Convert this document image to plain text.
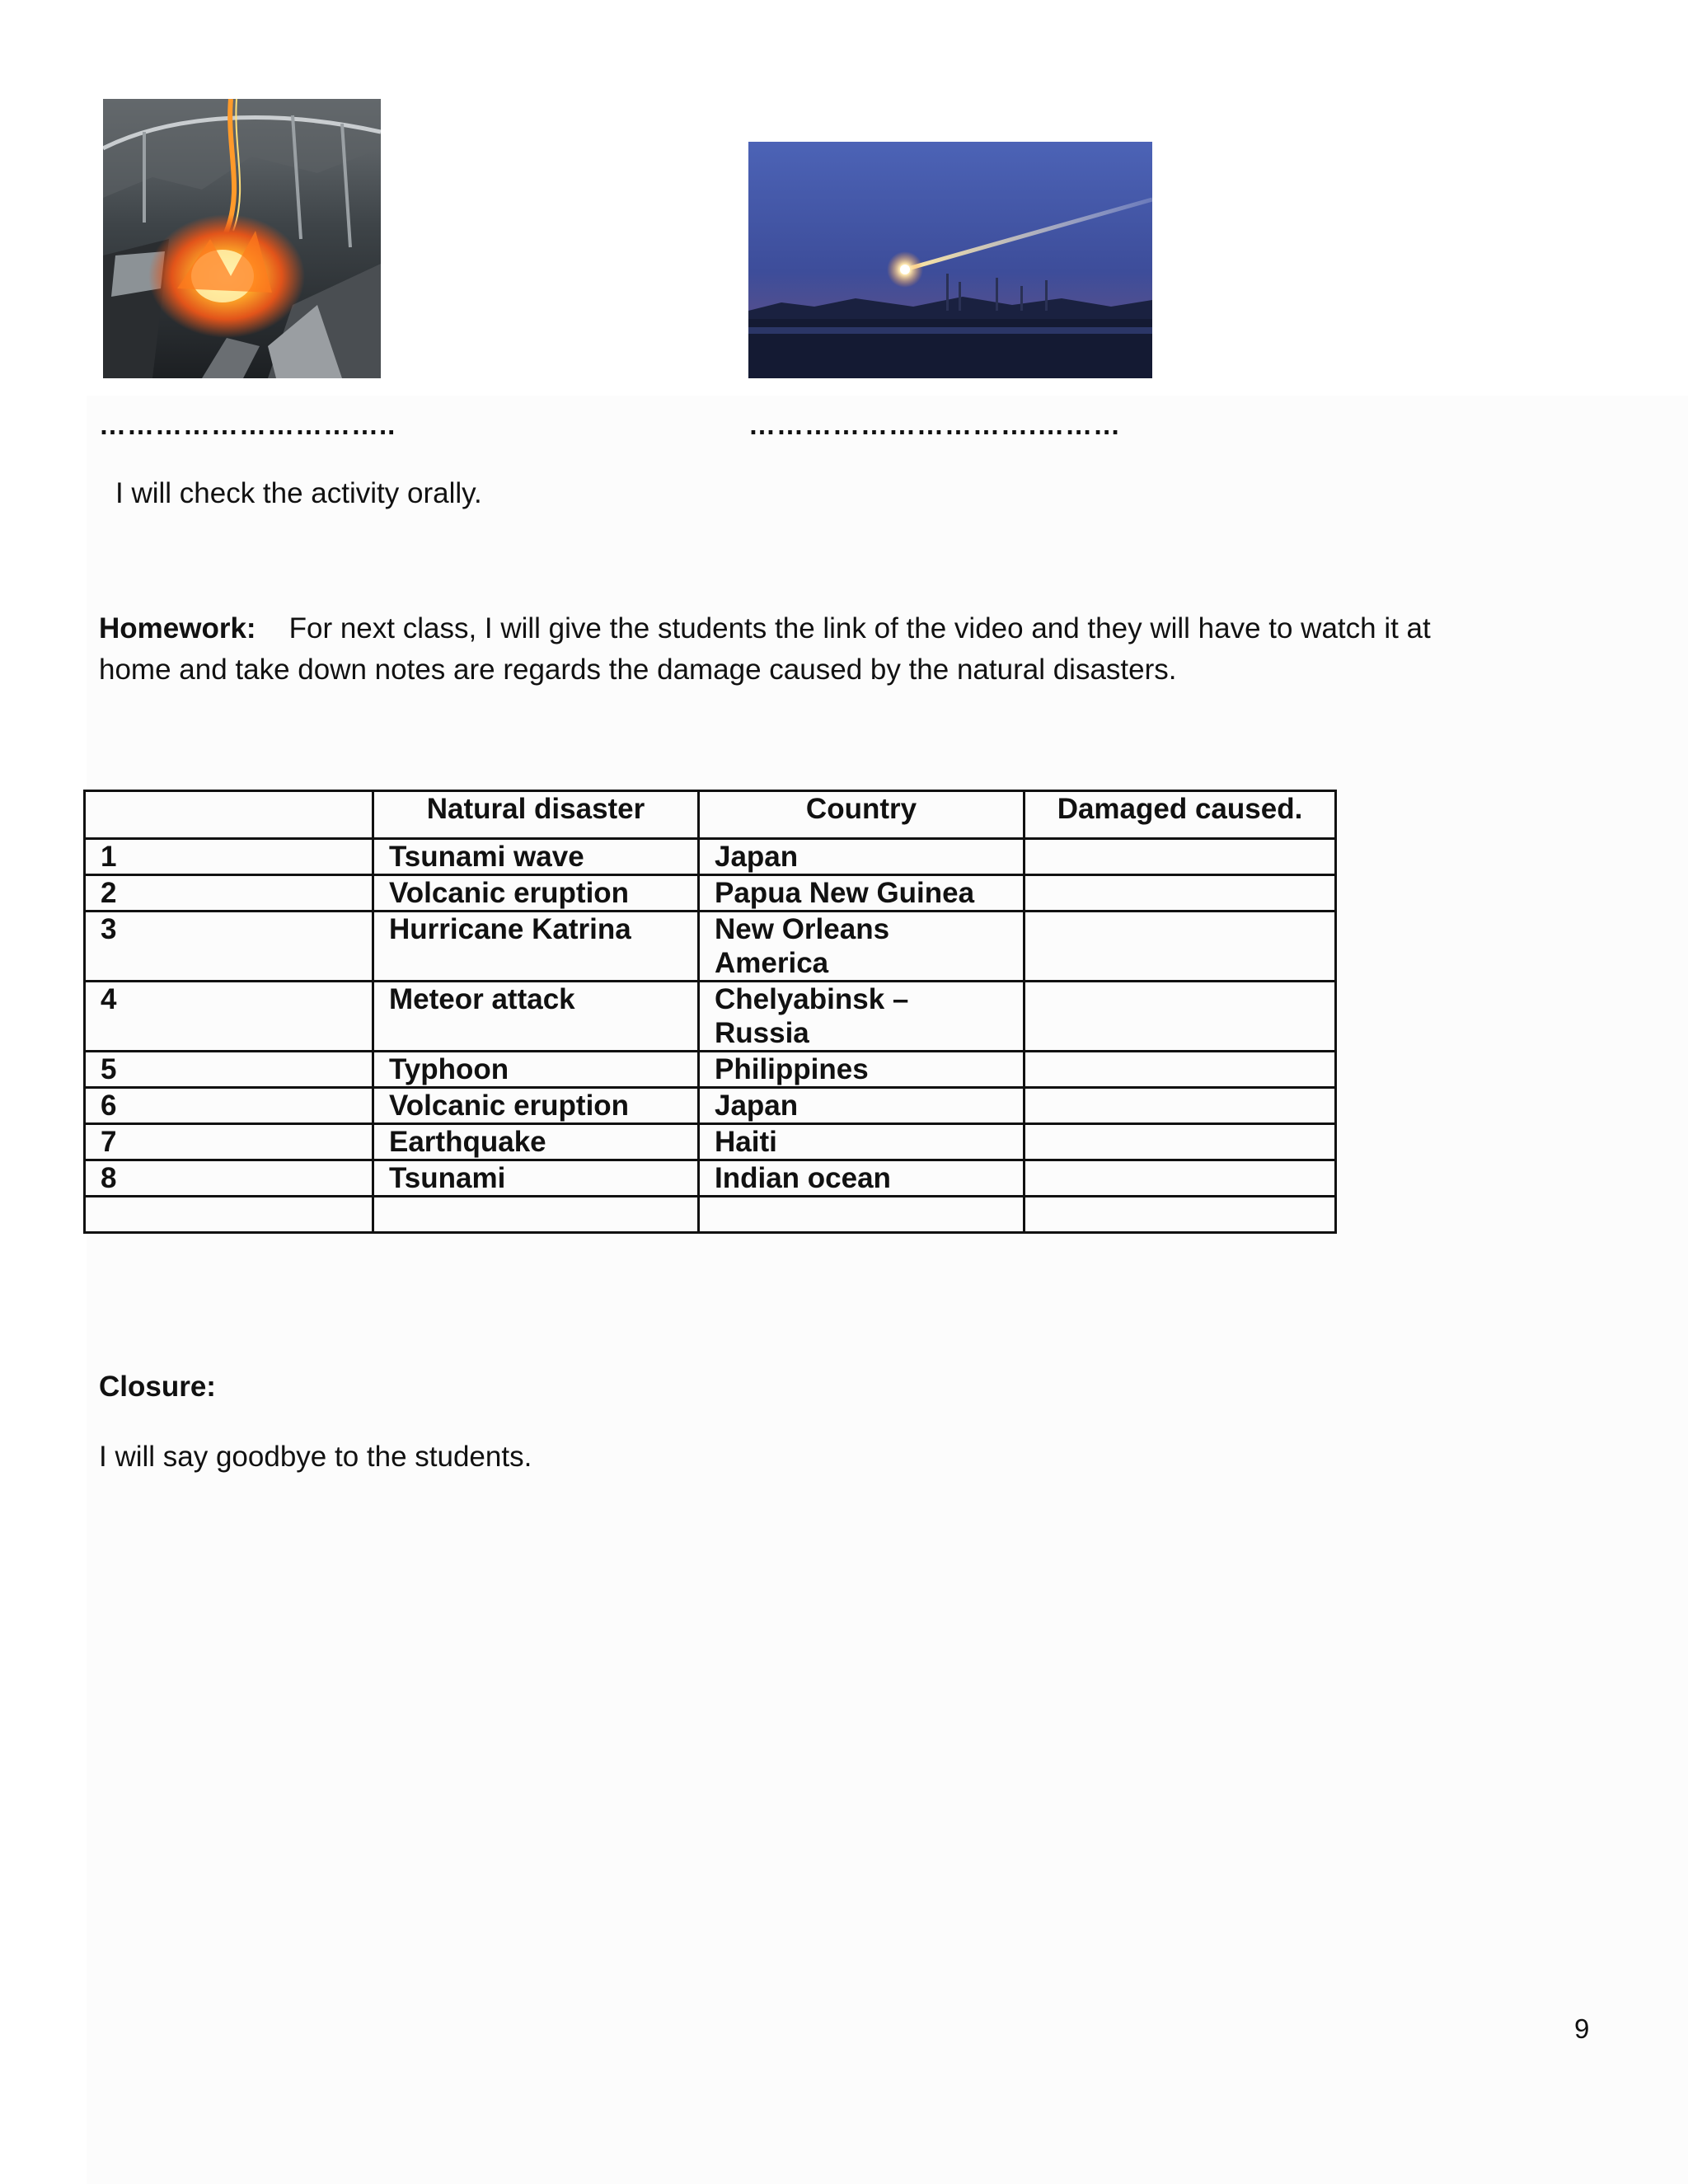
…………………………..	………………………….………
I will check the activity orally.
Homework: For next class, I will give the students the link of the video and they will have to watch it at
home and take down notes are regards the damage caused by the natural disasters.
	Natural disaster	Country	Damaged caused.
1	Tsunami wave	Japan	
2	Volcanic eruption	Papua New Guinea	
3	Hurricane Katrina	New Orleans America	
4	Meteor attack	Chelyabinsk – Russia	
5	Typhoon	Philippines	
6	Volcanic eruption	Japan	
7	Earthquake	Haiti	
8	Tsunami	Indian ocean	

Closure:
I will say goodbye to the students.
9
